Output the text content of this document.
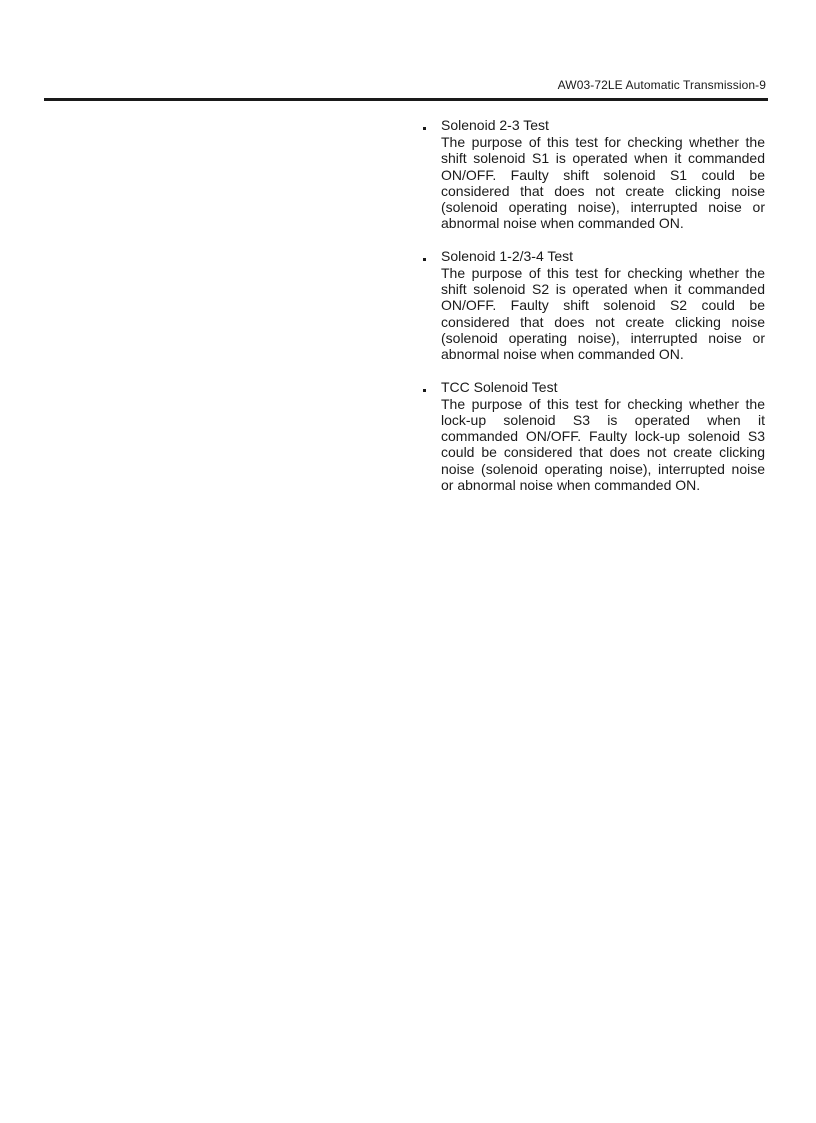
AW03-72LE Automatic Transmission-9
Solenoid 2-3 Test
The purpose of this test for checking whether the shift solenoid S1 is operated when it commanded ON/OFF. Faulty shift solenoid S1 could be considered that does not create clicking noise (solenoid operating noise), interrupted noise or abnormal noise when commanded ON.
Solenoid 1-2/3-4 Test
The purpose of this test for checking whether the shift solenoid S2 is operated when it commanded ON/OFF. Faulty shift solenoid S2 could be considered that does not create clicking noise (solenoid operating noise), interrupted noise or abnormal noise when commanded ON.
TCC Solenoid Test
The purpose of this test for checking whether the lock-up solenoid S3 is operated when it commanded ON/OFF. Faulty lock-up solenoid S3 could be considered that does not create clicking noise (solenoid operating noise), interrupted noise or abnormal noise when commanded ON.
